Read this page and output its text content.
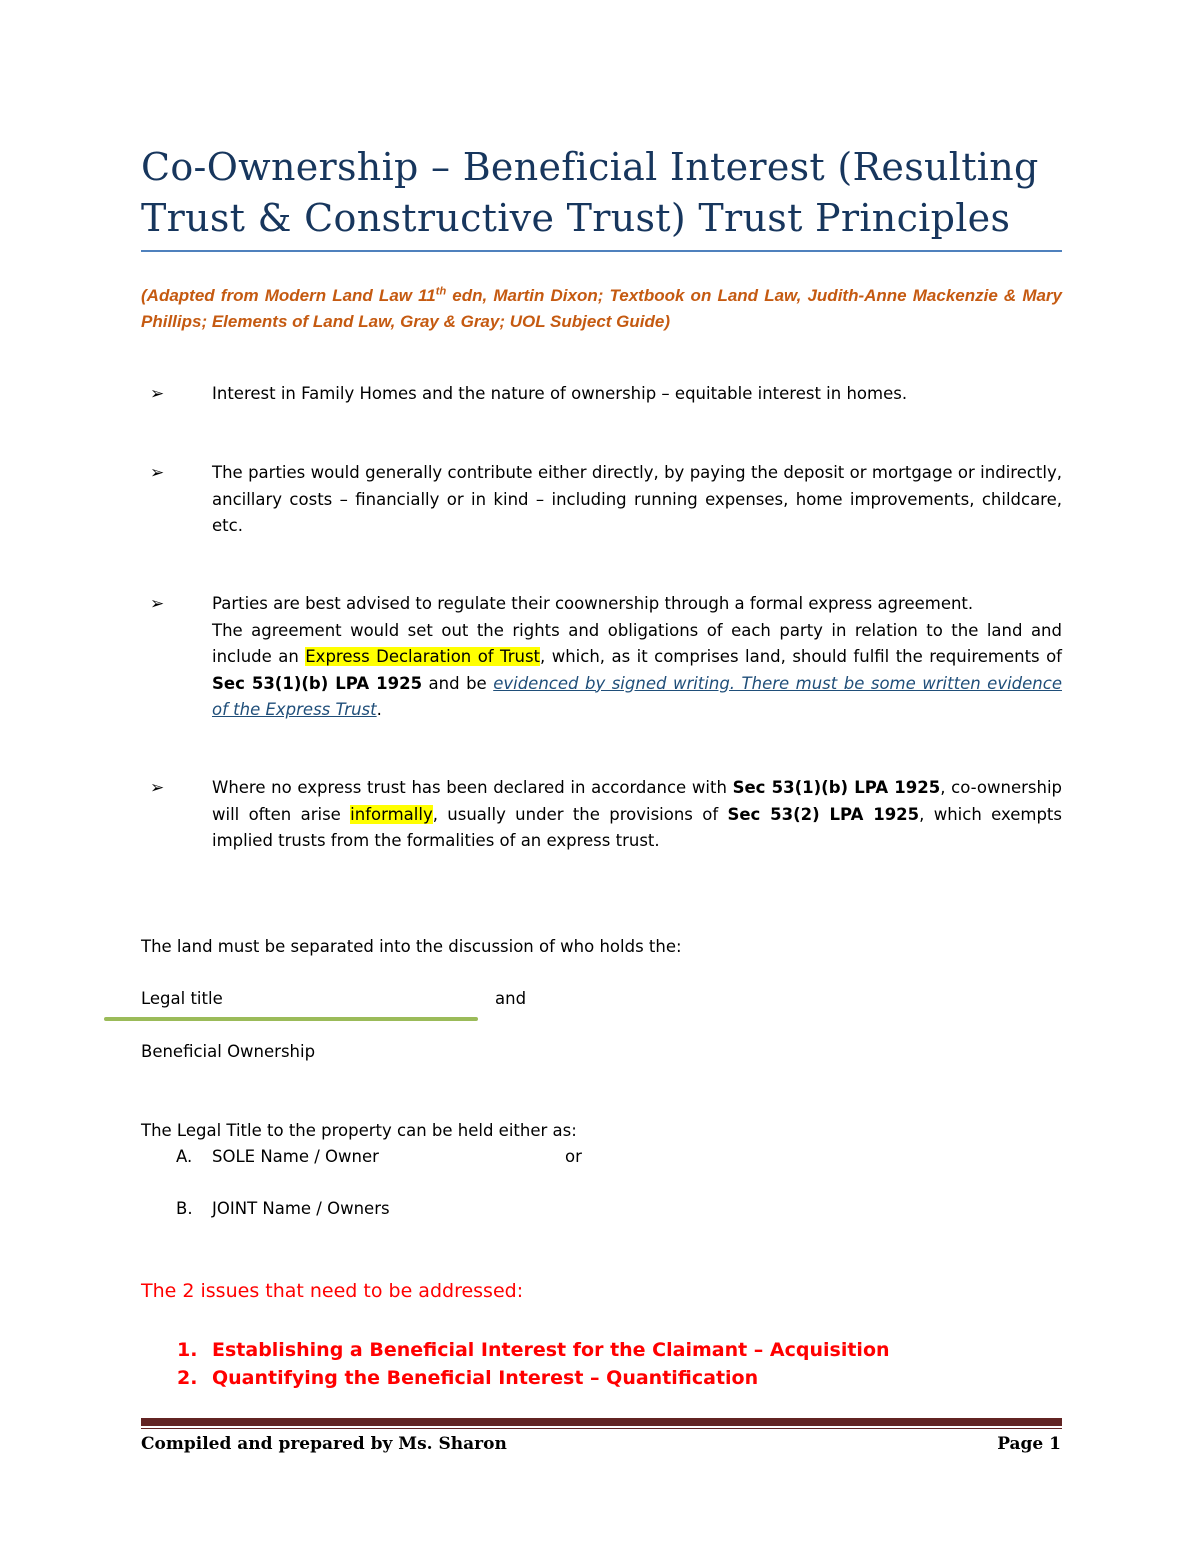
Co-Ownership – Beneficial Interest (Resulting Trust & Constructive Trust) Trust Principles

(Adapted from Modern Land Law 11th edn, Martin Dixon; Textbook on Land Law, Judith-Anne Mackenzie & Mary Phillips; Elements of Land Law, Gray & Gray; UOL Subject Guide)

➢	Interest in Family Homes and the nature of ownership – equitable interest in homes.
➢	The parties would generally contribute either directly, by paying the deposit or mortgage or indirectly, ancillary costs – financially or in kind – including running expenses, home improvements, childcare, etc.
➢	Parties are best advised to regulate their coownership through a formal express agreement.
The agreement would set out the rights and obligations of each party in relation to the land and include an Express Declaration of Trust, which, as it comprises land, should fulfil the requirements of Sec 53(1)(b) LPA 1925 and be evidenced by signed writing. There must be some written evidence of the Express Trust.
➢	Where no express trust has been declared in accordance with Sec 53(1)(b) LPA 1925, co-ownership will often arise informally, usually under the provisions of Sec 53(2) LPA 1925, which exempts implied trusts from the formalities of an express trust.
The land must be separated into the discussion of who holds the:
Legal title	and
Beneficial Ownership
The Legal Title to the property can be held either as:
A. SOLE Name / Owner	or
B. JOINT Name / Owners
The 2 issues that need to be addressed:
1. Establishing a Beneficial Interest for the Claimant – Acquisition
2. Quantifying the Beneficial Interest – Quantification
Compiled and prepared by Ms. Sharon	Page 1
